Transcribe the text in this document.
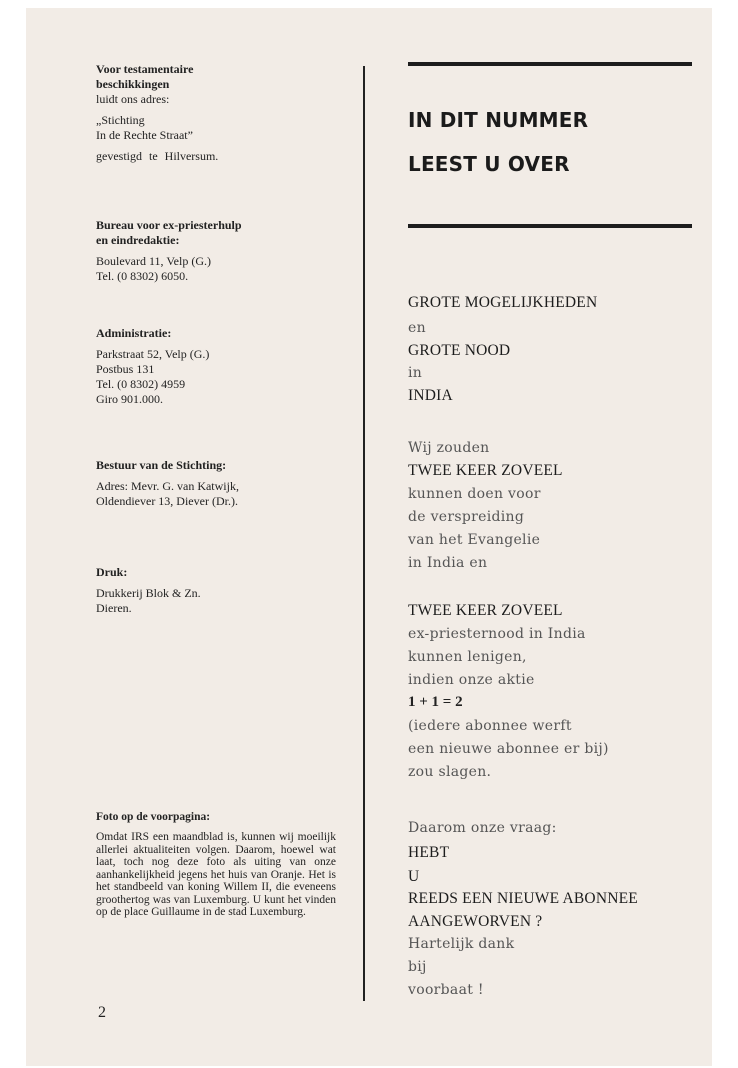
Voor testamentaire
beschikkingen
luidt ons adres:
„Stichting
In de Rechte Straat”
gevestigd te Hilversum.
Bureau voor ex-priesterhulp
en eindredaktie:
Boulevard 11, Velp (G.)
Tel. (0 8302) 6050.
Administratie:
Parkstraat 52, Velp (G.)
Postbus 131
Tel. (0 8302) 4959
Giro 901.000.
Bestuur van de Stichting:
Adres: Mevr. G. van Katwijk,
Oldendiever 13, Diever (Dr.).
Druk:
Drukkerij Blok & Zn.
Dieren.
Foto op de voorpagina:
Omdat IRS een maandblad is, kunnen wij moeilijk allerlei aktualiteiten volgen. Daarom, hoewel wat laat, toch nog deze foto als uiting van onze aanhankelijkheid jegens het huis van Oranje. Het is het standbeeld van koning Willem II, die eveneens groothertog was van Luxemburg. U kunt het vinden op de place Guillaume in de stad Luxemburg.
2
IN DIT NUMMER
LEEST U OVER
GROTE MOGELIJKHEDEN
en
GROTE NOOD
in
INDIA
Wij zouden
TWEE KEER ZOVEEL
kunnen doen voor
de verspreiding
van het Evangelie
in India en
TWEE KEER ZOVEEL
ex-priesternood in India
kunnen lenigen,
indien onze aktie
1 + 1 = 2
(iedere abonnee werft
een nieuwe abonnee er bij)
zou slagen.
Daarom onze vraag:
HEBT
U
REEDS EEN NIEUWE ABONNEE
AANGEWORVEN ?
Hartelijk dank
bij
voorbaat !
